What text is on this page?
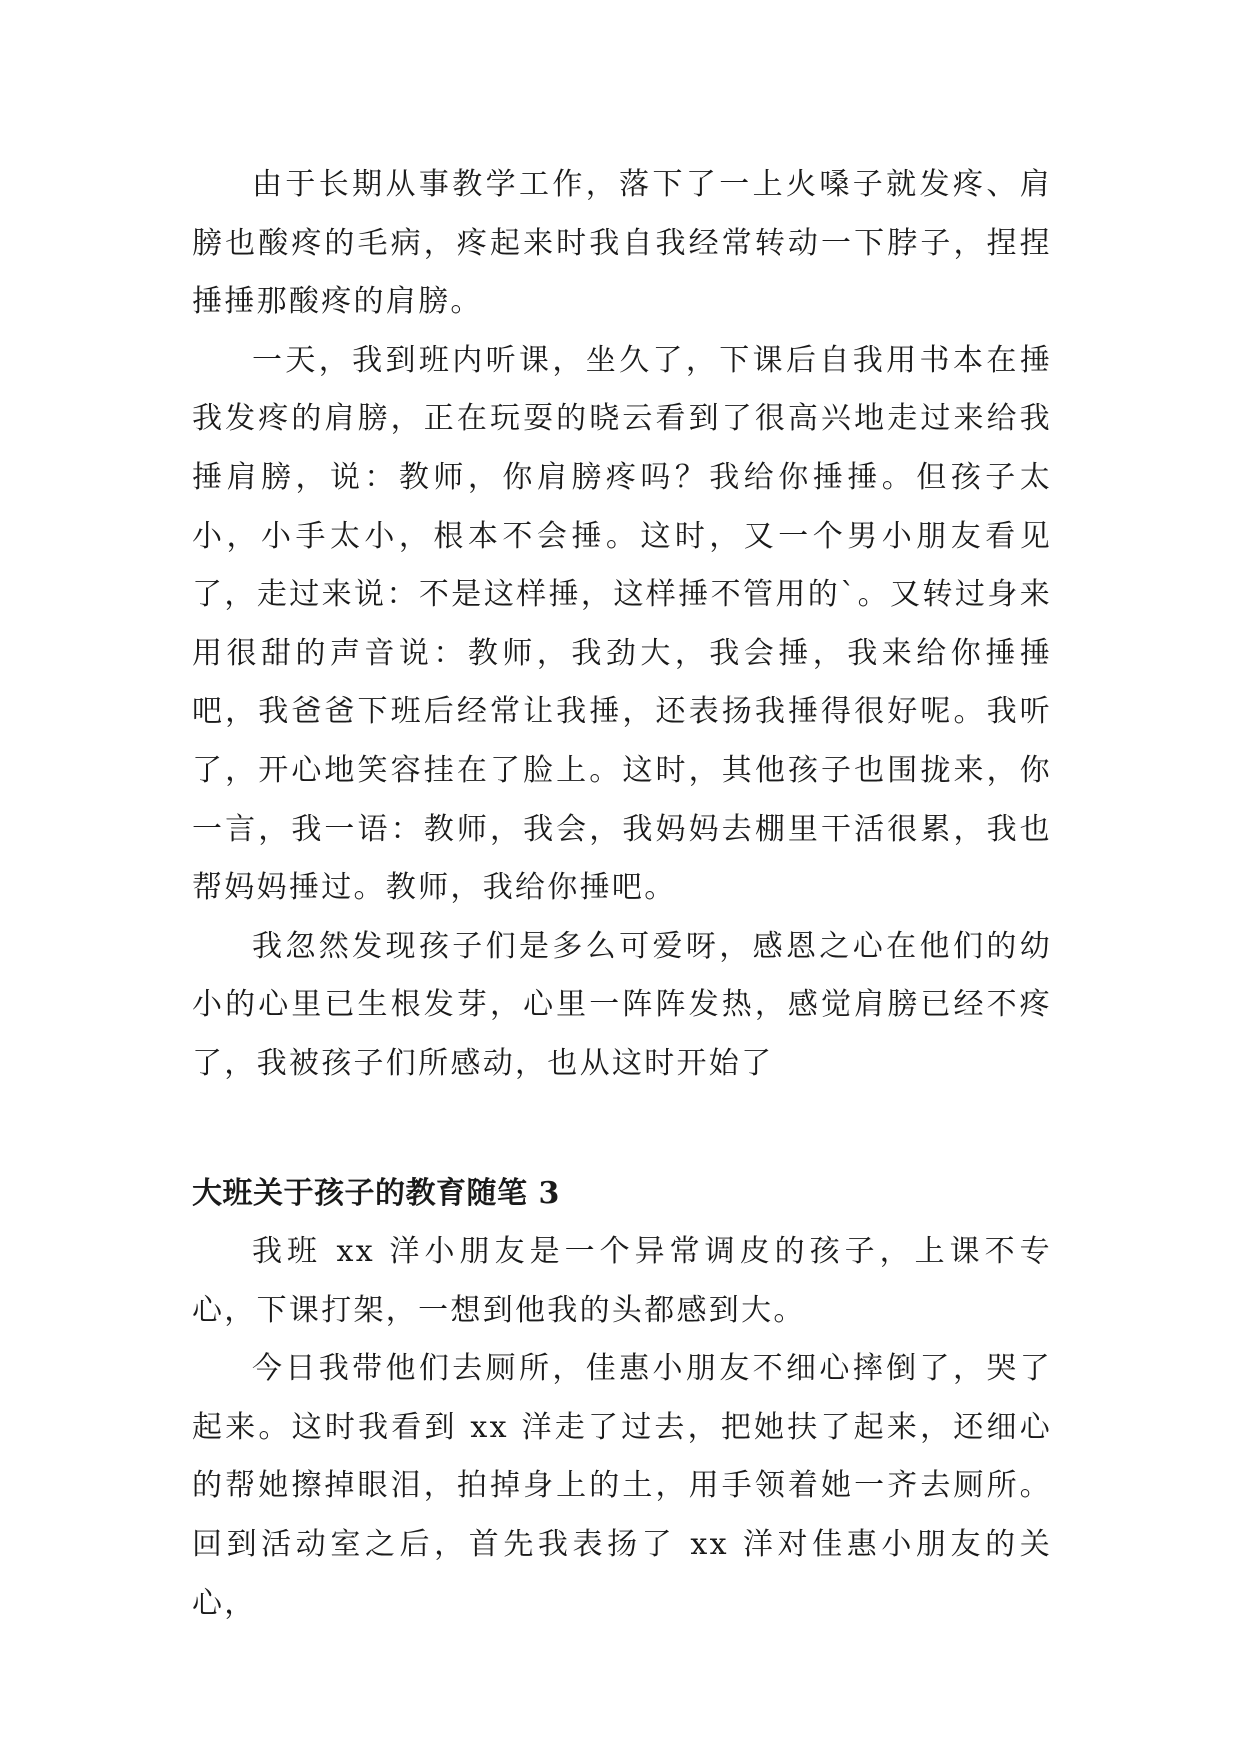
由于长期从事教学工作，落下了一上火嗓子就发疼、肩膀也酸疼的毛病，疼起来时我自我经常转动一下脖子，捏捏捶捶那酸疼的肩膀。

一天，我到班内听课，坐久了，下课后自我用书本在捶我发疼的肩膀，正在玩耍的晓云看到了很高兴地走过来给我捶肩膀，说：教师，你肩膀疼吗？我给你捶捶。但孩子太小，小手太小，根本不会捶。这时，又一个男小朋友看见了，走过来说：不是这样捶，这样捶不管用的`。又转过身来用很甜的声音说：教师，我劲大，我会捶，我来给你捶捶吧，我爸爸下班后经常让我捶，还表扬我捶得很好呢。我听了，开心地笑容挂在了脸上。这时，其他孩子也围拢来，你一言，我一语：教师，我会，我妈妈去棚里干活很累，我也帮妈妈捶过。教师，我给你捶吧。

我忽然发现孩子们是多么可爱呀，感恩之心在他们的幼小的心里已生根发芽，心里一阵阵发热，感觉肩膀已经不疼了，我被孩子们所感动，也从这时开始了

大班关于孩子的教育随笔 3

我班 xx 洋小朋友是一个异常调皮的孩子，上课不专心，下课打架，一想到他我的头都感到大。

今日我带他们去厕所，佳惠小朋友不细心摔倒了，哭了起来。这时我看到 xx 洋走了过去，把她扶了起来，还细心的帮她擦掉眼泪，拍掉身上的土，用手领着她一齐去厕所。回到活动室之后，首先我表扬了 xx 洋对佳惠小朋友的关心，
